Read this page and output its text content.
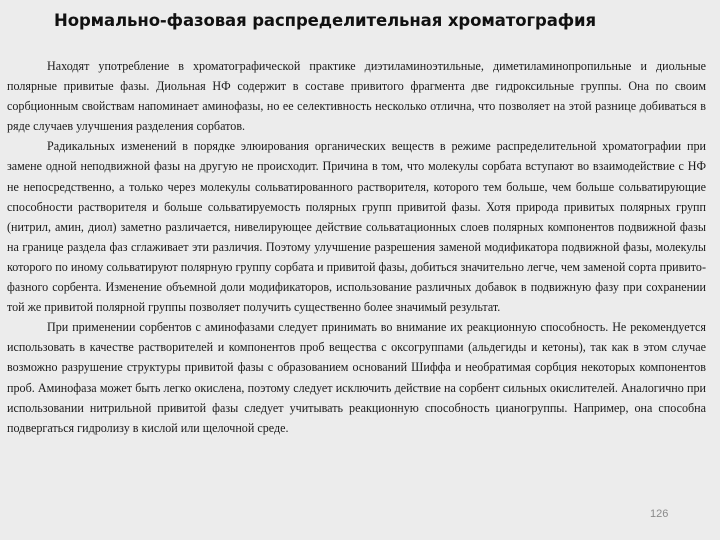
Нормально-фазовая распределительная хроматография

Находят употребление в хроматографической практике диэтиламиноэтильные, диметиламинопропильные и диольные полярные привитые фазы. Диольная НФ содержит в составе привитого фрагмента две гидроксильные группы. Она по своим сорбционным свойствам напоминает аминофазы, но ее селективность несколько отлична, что позволяет на этой разнице добиваться в ряде случаев улучшения разделения сорбатов.

Радикальных изменений в порядке элюирования органических веществ в режиме распределительной хроматографии при замене одной неподвижной фазы на другую не происходит. Причина в том, что молекулы сорбата вступают во взаимодействие с НФ не непосредственно, а только через молекулы сольватированного растворителя, которого тем больше, чем больше сольватирующие способности растворителя и больше сольватируемость полярных групп привитой фазы. Хотя природа привитых полярных групп (нитрил, амин, диол) заметно различается, нивелирующее действие сольватационных слоев полярных компонентов подвижной фазы на границе раздела фаз сглаживает эти различия. Поэтому улучшение разрешения заменой модификатора подвижной фазы, молекулы которого по иному сольватируют полярную группу сорбата и привитой фазы, добиться значительно легче, чем заменой сорта привито-фазного сорбента. Изменение объемной доли модификаторов, использование различных добавок в подвижную фазу при сохранении той же привитой полярной группы позволяет получить существенно более значимый результат.

При применении сорбентов с аминофазами следует принимать во внимание их реакционную способность. Не рекомендуется использовать в качестве растворителей и компонентов проб вещества с оксогруппами (альдегиды и кетоны), так как в этом случае возможно разрушение структуры привитой фазы с образованием оснований Шиффа и необратимая сорбция некоторых компонентов проб. Аминофаза может быть легко окислена, поэтому следует исключить действие на сорбент сильных окислителей. Аналогично при использовании нитрильной привитой фазы следует учитывать реакционную способность цианогруппы. Например, она способна подвергаться гидролизу в кислой или щелочной среде.

126
